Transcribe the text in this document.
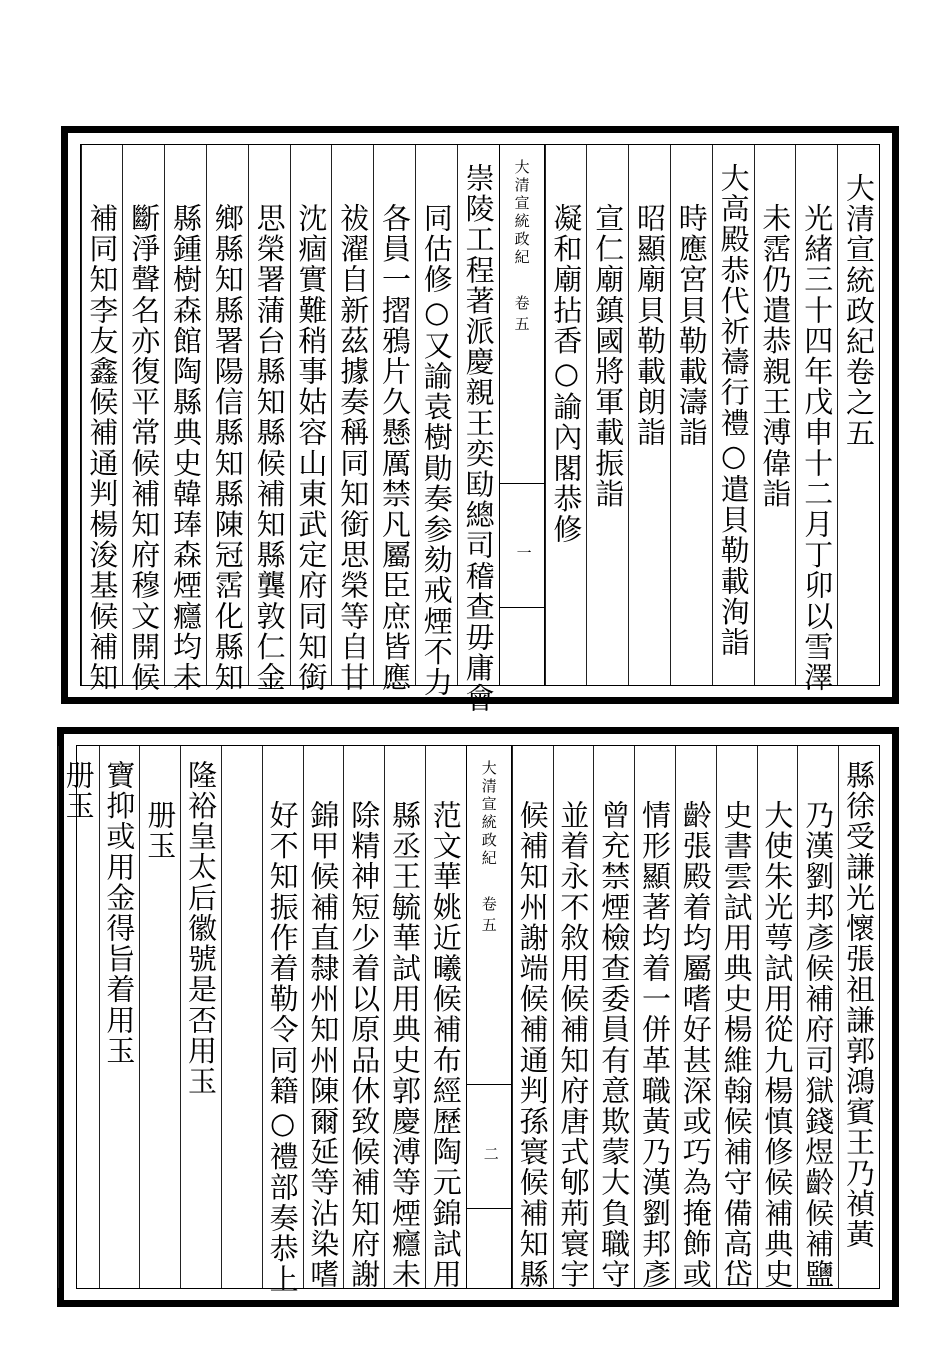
大清宣統政紀卷之五
光緒三十四年戊申十二月丁卯以雪澤
未霑仍遣恭親王溥偉詣
大高殿恭代祈禱行禮○遣貝勒載洵詣
時應宮貝勒載濤詣
昭顯廟貝勒載朗詣
宣仁廟鎮國將軍載振詣
凝和廟拈香○諭內閣恭修
大清宣統政紀
卷五
一
崇陵工程著派慶親王奕劻總司稽查毋庸會
同估修○又諭袁樹勛奏参劾戒煙不力
各員一摺鴉片久懸厲禁凡屬臣庶皆應
祓濯自新茲據奏稱同知銜思榮等自甘
沈痼實難稍事姑容山東武定府同知銜
思榮署蒲台縣知縣候補知縣龔敦仁金
鄉縣知縣署陽信縣知縣陳冠霑化縣知
縣鍾樹森館陶縣典史韓琫森煙癮均未
斷淨聲名亦復平常候補知府穆文開候
補同知李友鑫候補通判楊浚基候補知
縣徐受謙光懷張祖謙郭鴻賓王乃禎黃
乃漢劉邦彥候補府司獄錢煜齡候補鹽
大使朱光萼試用從九楊慎修候補典史
史書雲試用典史楊維翰候補守備高岱
齡張殿着均屬嗜好甚深或巧為掩飾或
情形顯著均着一併革職黃乃漢劉邦彥
曾充禁煙檢查委員有意欺蒙大負職守
並着永不敘用候補知府唐式郇荊寰宇
候補知州謝端候補通判孫寰候補知縣
大清宣統政紀
卷五
二
范文華姚近曦候補布經歷陶元錦試用
縣丞王毓華試用典史郭慶溥等煙癮未
除精神短少着以原品休致候補知府謝
錦甲候補直隸州知州陳爾延等沾染嗜
好不知振作着勒令同籍○禮部奏恭上
隆裕皇太后徽號是否用玉
册玉
寶抑或用金得旨着用玉
册玉
